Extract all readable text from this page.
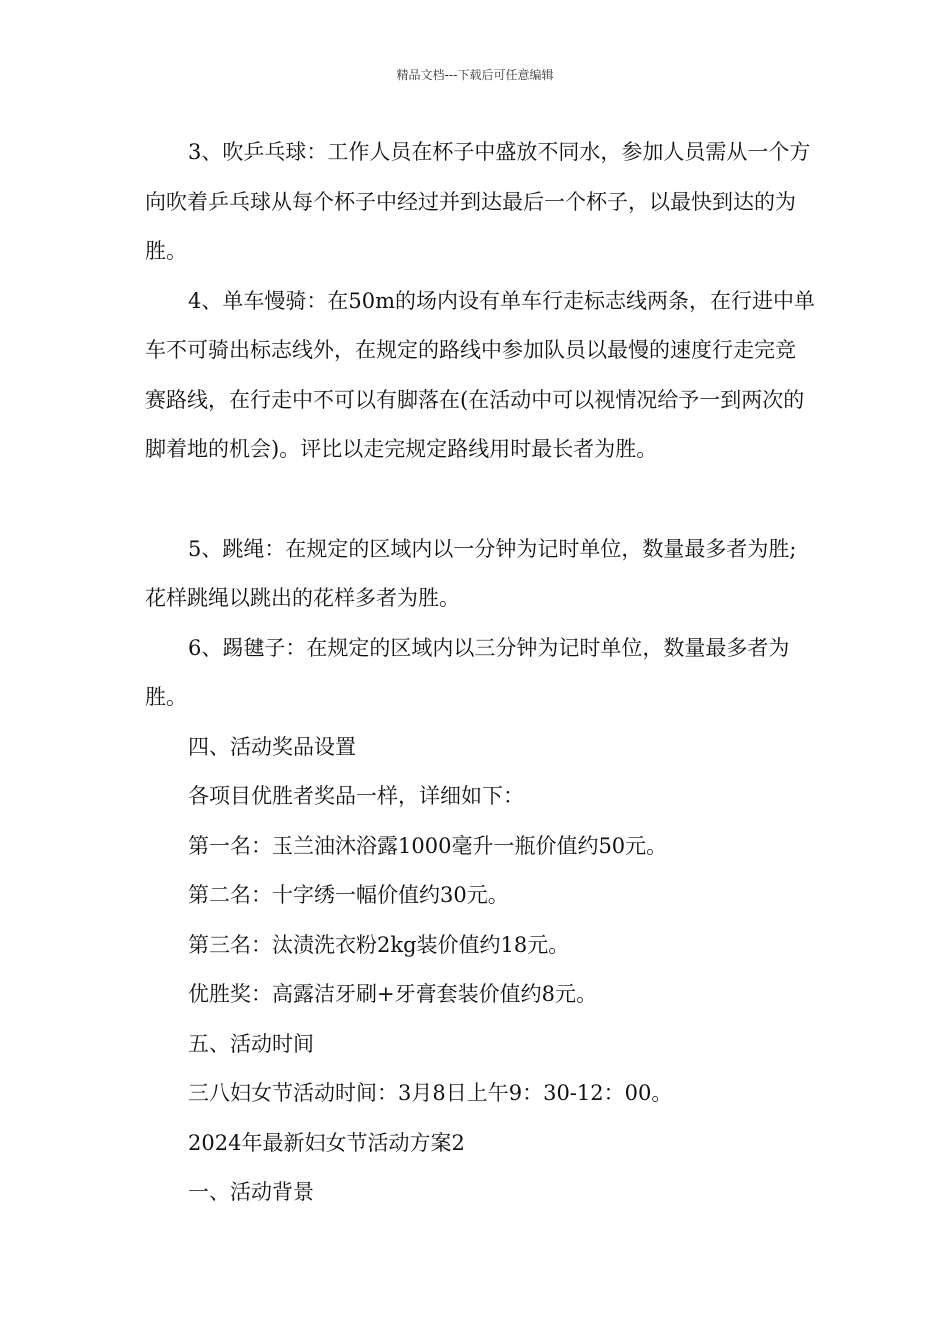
精品文档---下载后可任意编辑

3、吹乒乓球：工作人员在杯子中盛放不同水，参加人员需从一个方向吹着乒乓球从每个杯子中经过并到达最后一个杯子，以最快到达的为胜。

4、单车慢骑：在50m的场内设有单车行走标志线两条，在行进中单车不可骑出标志线外，在规定的路线中参加队员以最慢的速度行走完竞赛路线，在行走中不可以有脚落在(在活动中可以视情况给予一到两次的脚着地的机会)。评比以走完规定路线用时最长者为胜。

5、跳绳：在规定的区域内以一分钟为记时单位，数量最多者为胜;花样跳绳以跳出的花样多者为胜。

6、踢毽子：在规定的区域内以三分钟为记时单位，数量最多者为胜。

四、活动奖品设置

各项目优胜者奖品一样，详细如下：

第一名：玉兰油沐浴露1000毫升一瓶价值约50元。

第二名：十字绣一幅价值约30元。

第三名：汰渍洗衣粉2kg装价值约18元。

优胜奖：高露洁牙刷+牙膏套装价值约8元。

五、活动时间

三八妇女节活动时间：3月8日上午9：30-12：00。

2024年最新妇女节活动方案2

一、活动背景
